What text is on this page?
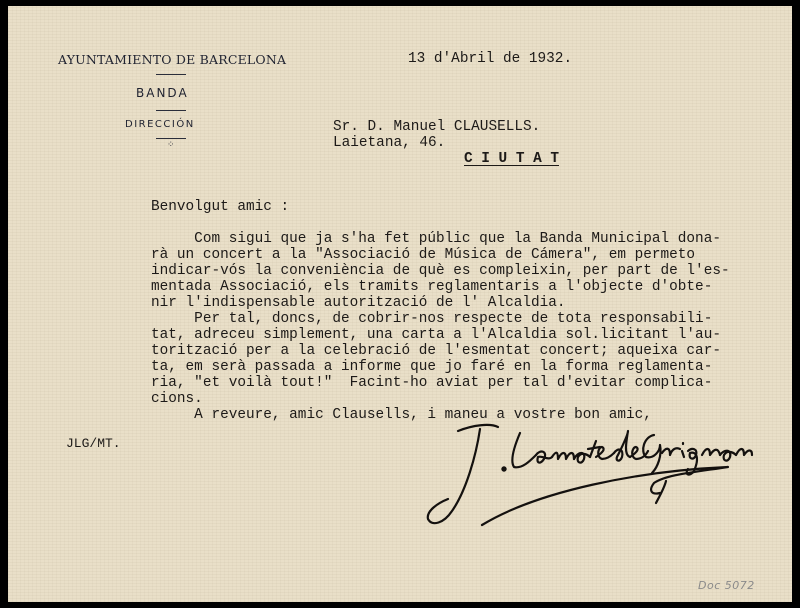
AYUNTAMIENTO DE BARCELONA
BANDA
DIRECCIÓN
⁘
13 d'Abril de 1932.
Sr. D. Manuel CLAUSELLS.
Laietana, 46.
C I U T A T
Benvolgut amic :
Com sigui que ja s'ha fet públic que la Banda Municipal dona-
rà un concert a la "Associació de Música de Cámera", em permeto
indicar-vós la conveniència de què es compleixin, per part de l'es-
mentada Associació, els tramits reglamentaris a l'objecte d'obte-
nir l'indispensable autorització de l' Alcaldia.
Per tal, doncs, de cobrir-nos respecte de tota responsabili-
tat, adreceu simplement, una carta a l'Alcaldia sol.licitant l'au-
torització per a la celebració de l'esmentat concert; aqueixa car-
ta, em serà passada a informe que jo faré en la forma reglamenta-
ria, "et voilà tout!"  Facint-ho aviat per tal d'evitar complica-
cions.
A reveure, amic Clausells, i maneu a vostre bon amic,
JLG/MT.
Doc 5072
